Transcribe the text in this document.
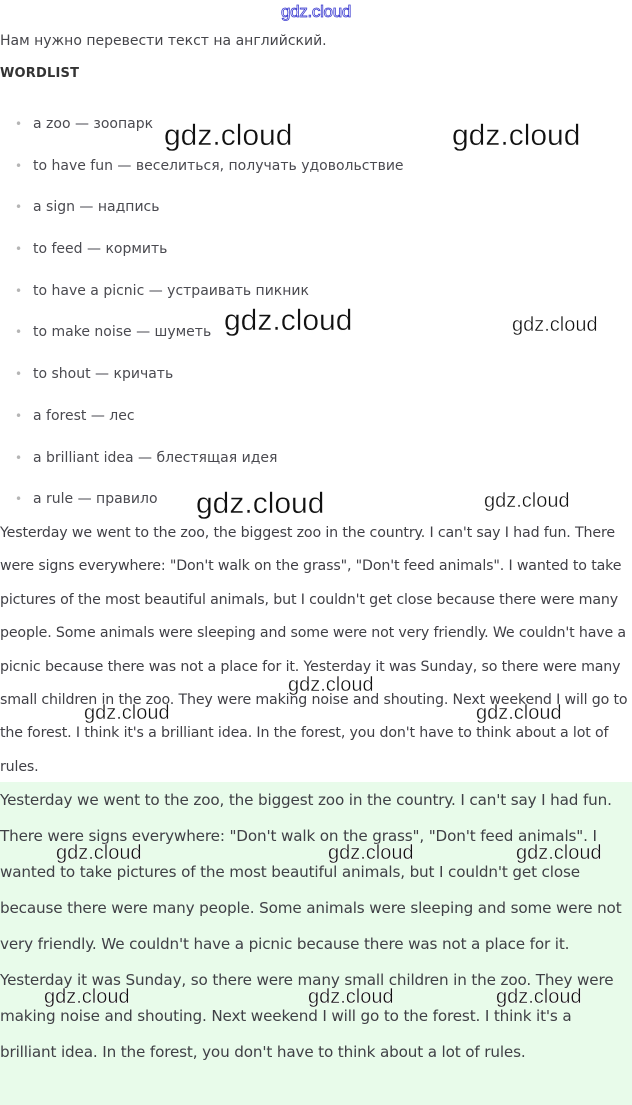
gdz.cloud
Нам нужно перевести текст на английский.
WORDLIST
• a zoo — зоопарк
• to have fun — веселиться, получать удовольствие
• a sign — надпись
• to feed — кормить
• to have a picnic — устраивать пикник
• to make noise — шуметь
• to shout — кричать
• a forest — лес
• a brilliant idea — блестящая идея
• a rule — правило

Yesterday we went to the zoo, the biggest zoo in the country. I can't say I had fun. There were signs everywhere: "Don't walk on the grass", "Don't feed animals". I wanted to take pictures of the most beautiful animals, but I couldn't get close because there were many people. Some animals were sleeping and some were not very friendly. We couldn't have a picnic because there was not a place for it. Yesterday it was Sunday, so there were many small children in the zoo. They were making noise and shouting. Next weekend I will go to the forest. I think it's a brilliant idea. In the forest, you don't have to think about a lot of rules.

Yesterday we went to the zoo, the biggest zoo in the country. I can't say I had fun. There were signs everywhere: "Don't walk on the grass", "Don't feed animals". I wanted to take pictures of the most beautiful animals, but I couldn't get close because there were many people. Some animals were sleeping and some were not very friendly. We couldn't have a picnic because there was not a place for it. Yesterday it was Sunday, so there were many small children in the zoo. They were making noise and shouting. Next weekend I will go to the forest. I think it's a brilliant idea. In the forest, you don't have to think about a lot of rules.

gdz.cloud	gdz.cloud
gdz.cloud	gdz.cloud
gdz.cloud	gdz.cloud
gdz.cloud
gdz.cloud	gdz.cloud
gdz.cloud	gdz.cloud	gdz.cloud
gdz.cloud	gdz.cloud	gdz.cloud
